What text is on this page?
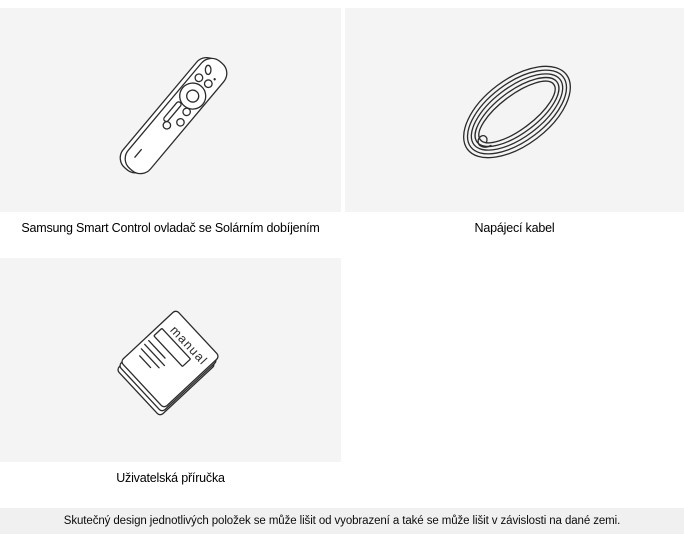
Samsung Smart Control ovladač se Solárním dobíjením	Napájecí kabel
manual
Uživatelská příručka
Skutečný design jednotlivých položek se může lišit od vyobrazení a také se může lišit v závislosti na dané zemi.
